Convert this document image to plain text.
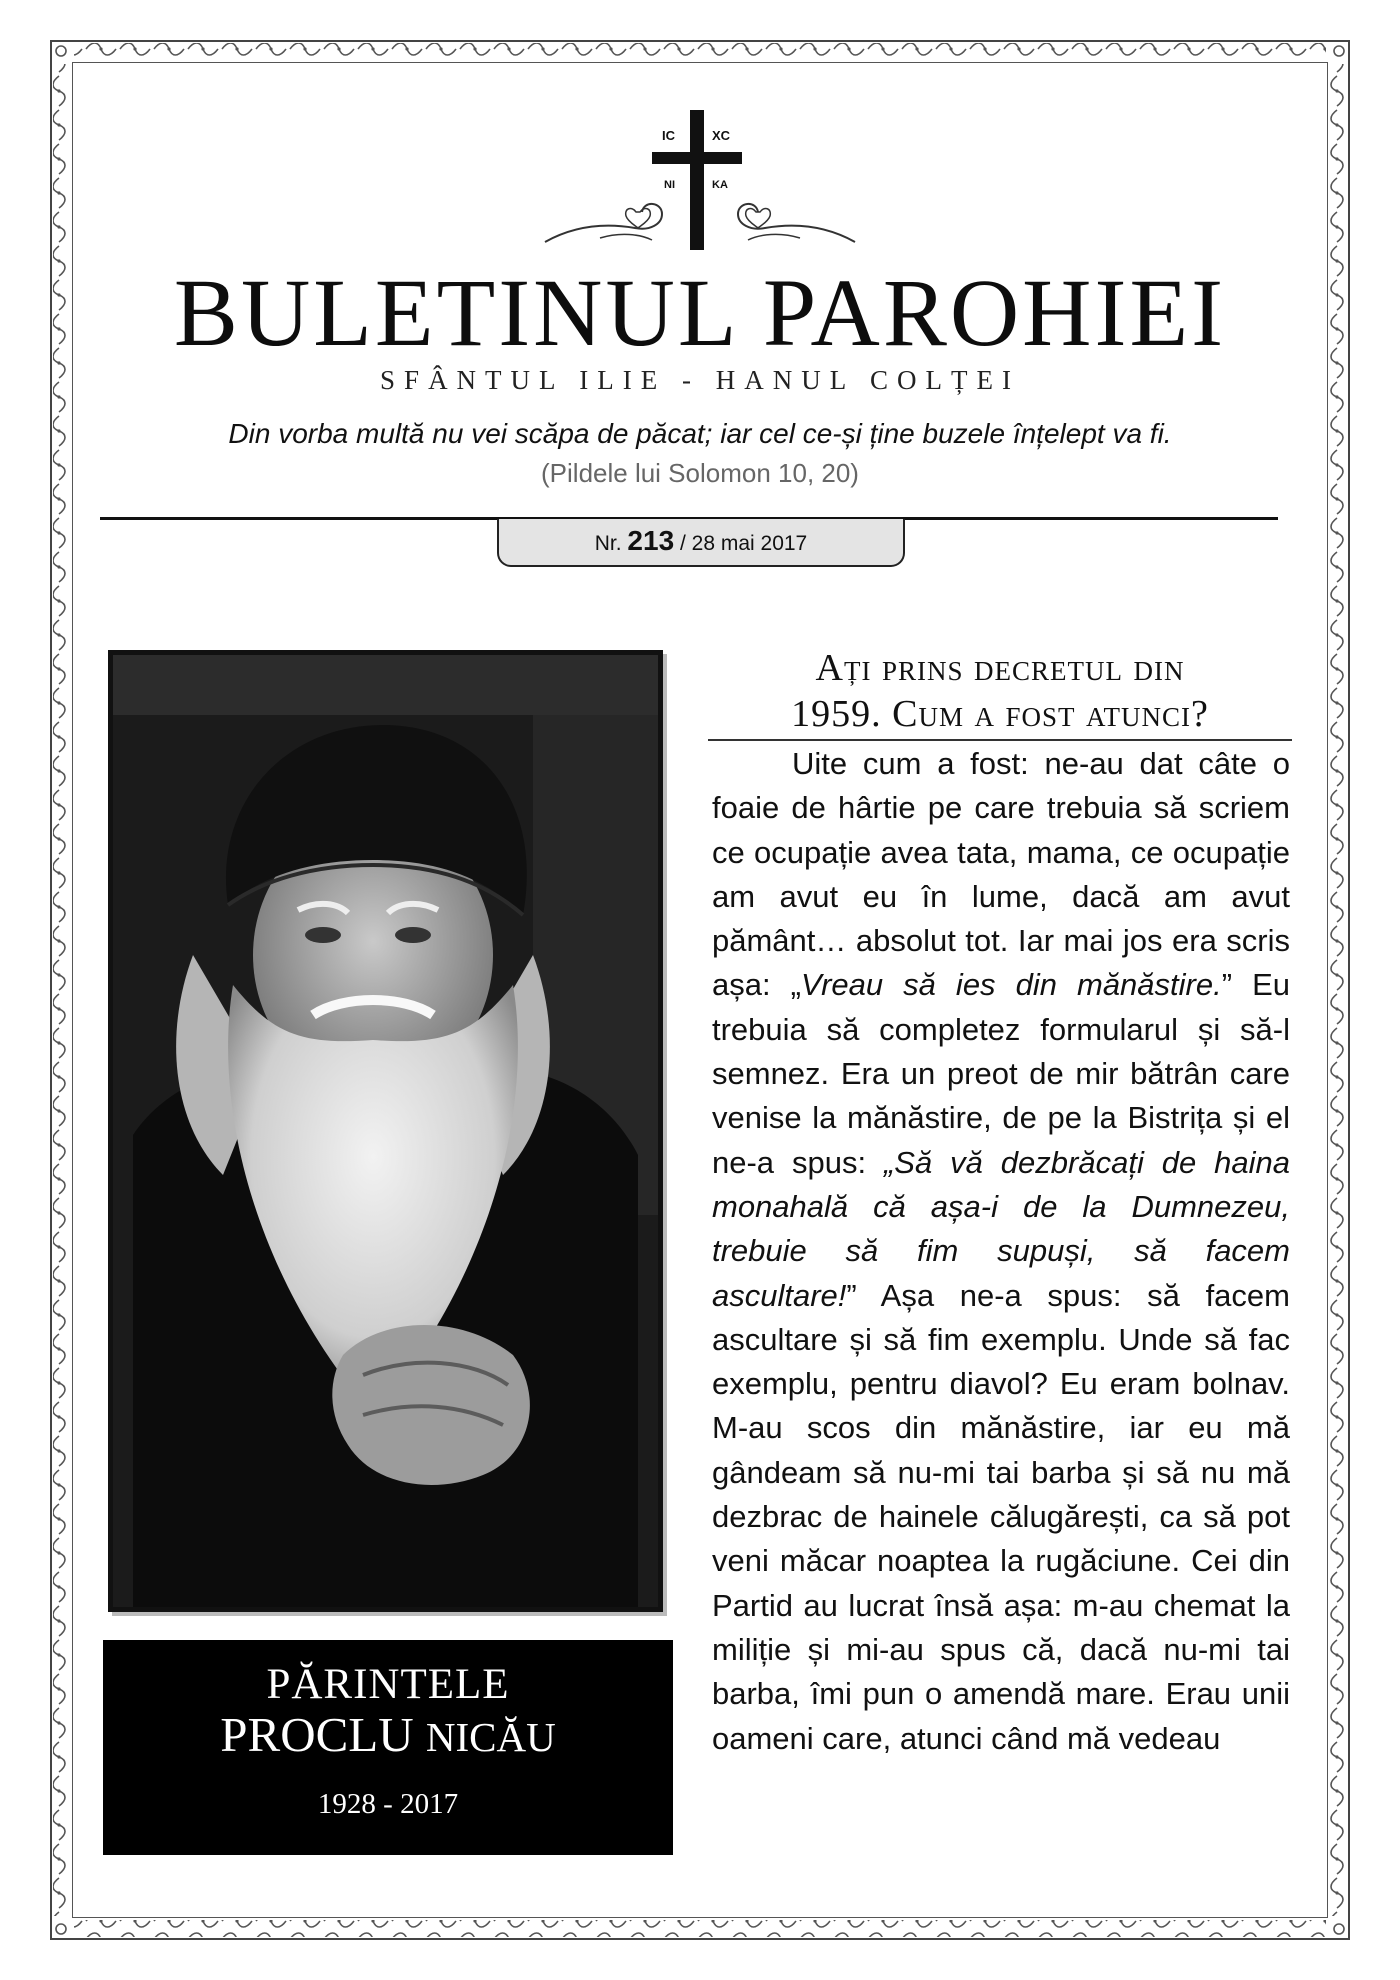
IC	XC
NI	KA
BULETINUL PAROHIEI
SFÂNTUL ILIE - HANUL COLȚEI
Din vorba multă nu vei scăpa de păcat; iar cel ce-și ține buzele înțelept va fi.
(Pildele lui Solomon 10, 20)
Nr. 213 / 28 mai 2017
PĂRINTELE
PROCLU NICĂU
1928 - 2017
Ați prins decretul din
1959. Cum a fost atunci?
Uite cum a fost: ne-au dat câte o foaie de hârtie pe care trebuia să scriem ce ocupație avea tata, mama, ce ocupație am avut eu în lume, dacă am avut pământ… absolut tot. Iar mai jos era scris așa: „Vreau să ies din mănăstire.” Eu trebuia să completez formularul și să-l semnez. Era un preot de mir bătrân care venise la mănăstire, de pe la Bistrița și el ne-a spus: „Să vă dezbrăcați de haina monahală că așa-i de la Dumnezeu, trebuie să fim supuși, să facem ascultare!” Așa ne-a spus: să facem ascultare și să fim exemplu. Unde să fac exemplu, pentru diavol? Eu eram bolnav. M-au scos din mănăstire, iar eu mă gândeam să nu-mi tai barba și să nu mă dezbrac de hainele călugărești, ca să pot veni măcar noaptea la rugăciune. Cei din Partid au lucrat însă așa: m-au chemat la miliție și mi-au spus că, dacă nu-mi tai barba, îmi pun o amendă mare. Erau unii oameni care, atunci când mă vedeau
